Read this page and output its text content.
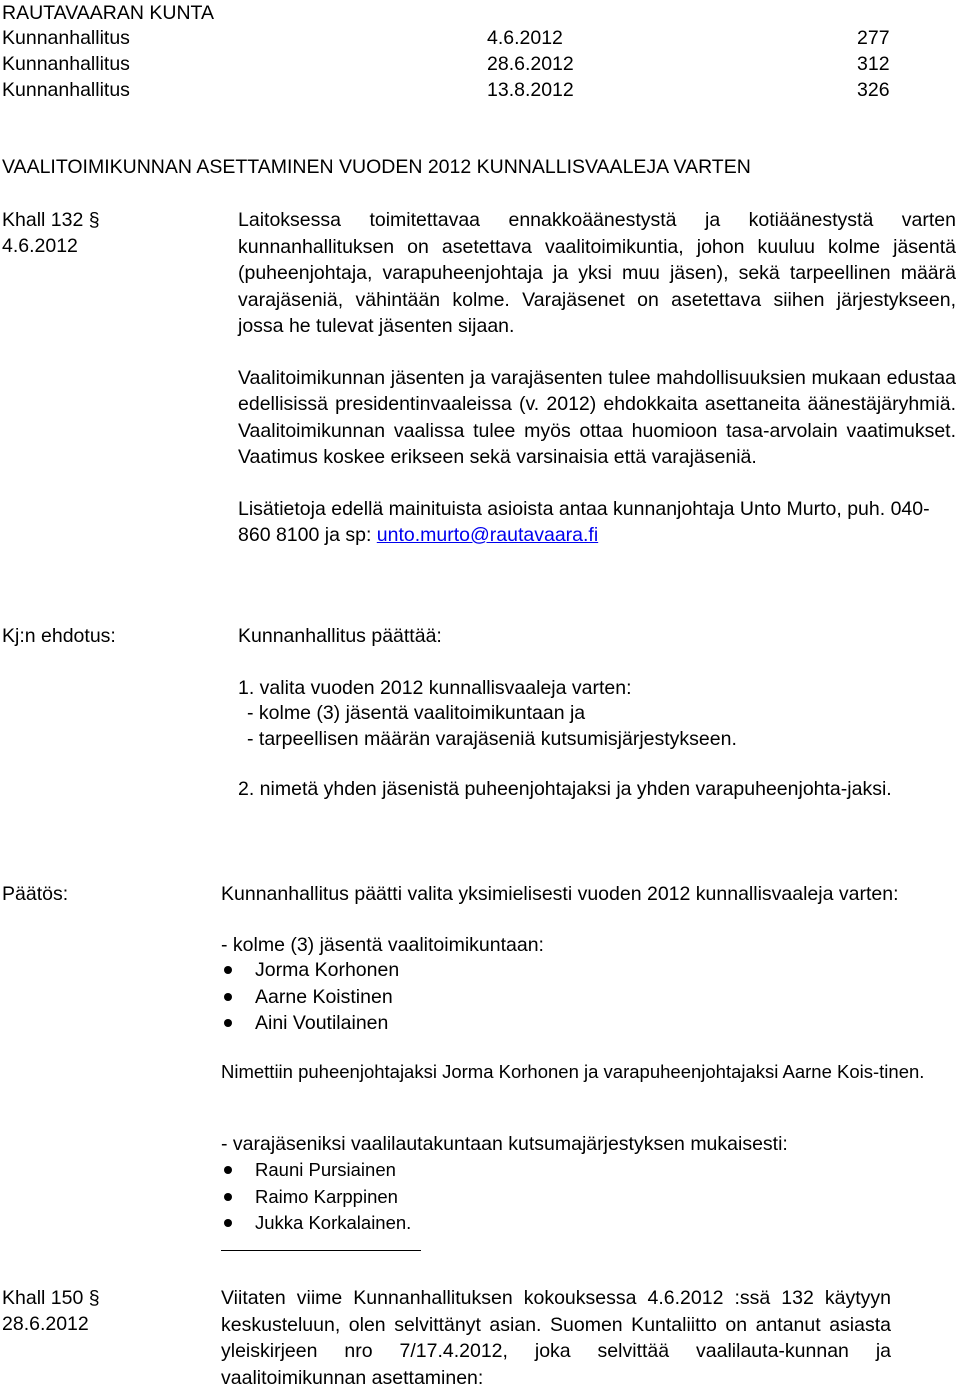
RAUTAVAARAN KUNTA
Kunnanhallitus	4.6.2012	277
Kunnanhallitus	28.6.2012	312
Kunnanhallitus	13.8.2012	326
VAALITOIMIKUNNAN ASETTAMINEN VUODEN 2012 KUNNALLISVAALEJA VARTEN
Khall 132 §
4.6.2012

Laitoksessa toimitettavaa ennakkoäänestystä ja kotiäänestystä varten kunnanhallituksen on asetettava vaalitoimikuntia, johon kuuluu kolme jäsentä (puheenjohtaja, varapuheenjohtaja ja yksi muu jäsen), sekä tarpeellinen määrä varajäseniä, vähintään kolme. Varajäsenet on asetettava siihen järjestykseen, jossa he tulevat jäsenten sijaan.

Vaalitoimikunnan jäsenten ja varajäsenten tulee mahdollisuuksien mukaan edustaa edellisissä presidentinvaaleissa (v. 2012) ehdokkaita asettaneita äänestäjäryhmiä. Vaalitoimikunnan vaalissa tulee myös ottaa huomioon tasa-arvolain vaatimukset. Vaatimus koskee erikseen sekä varsinaisia että varajäseniä.

Lisätietoja edellä mainituista asioista antaa kunnanjohtaja Unto Murto, puh. 040-860 8100 ja sp: unto.murto@rautavaara.fi

Kj:n ehdotus:	Kunnanhallitus päättää:
1. valita vuoden 2012 kunnallisvaaleja varten:
- kolme (3) jäsentä vaalitoimikuntaan ja
- tarpeellisen määrän varajäseniä kutsumisjärjestykseen.
2. nimetä yhden jäsenistä puheenjohtajaksi ja yhden varapuheenjohta-jaksi.
Päätös:	Kunnanhallitus päätti valita yksimielisesti vuoden 2012 kunnallisvaaleja varten:
- kolme (3) jäsentä vaalitoimikuntaan:
Jorma Korhonen
Aarne Koistinen
Aini Voutilainen
Nimettiin puheenjohtajaksi Jorma Korhonen ja varapuheenjohtajaksi Aarne Kois-tinen.
- varajäseniksi vaalilautakuntaan kutsumajärjestyksen mukaisesti:
Rauni Pursiainen
Raimo Karppinen
Jukka Korkalainen.
Khall 150 §
28.6.2012
Viitaten viime Kunnanhallituksen kokouksessa 4.6.2012 :ssä 132 käytyyn keskusteluun, olen selvittänyt asian. Suomen Kuntaliitto on antanut asiasta yleiskirjeen nro 7/17.4.2012, joka selvittää vaalilauta-kunnan ja vaalitoimikunnan asettaminen:
